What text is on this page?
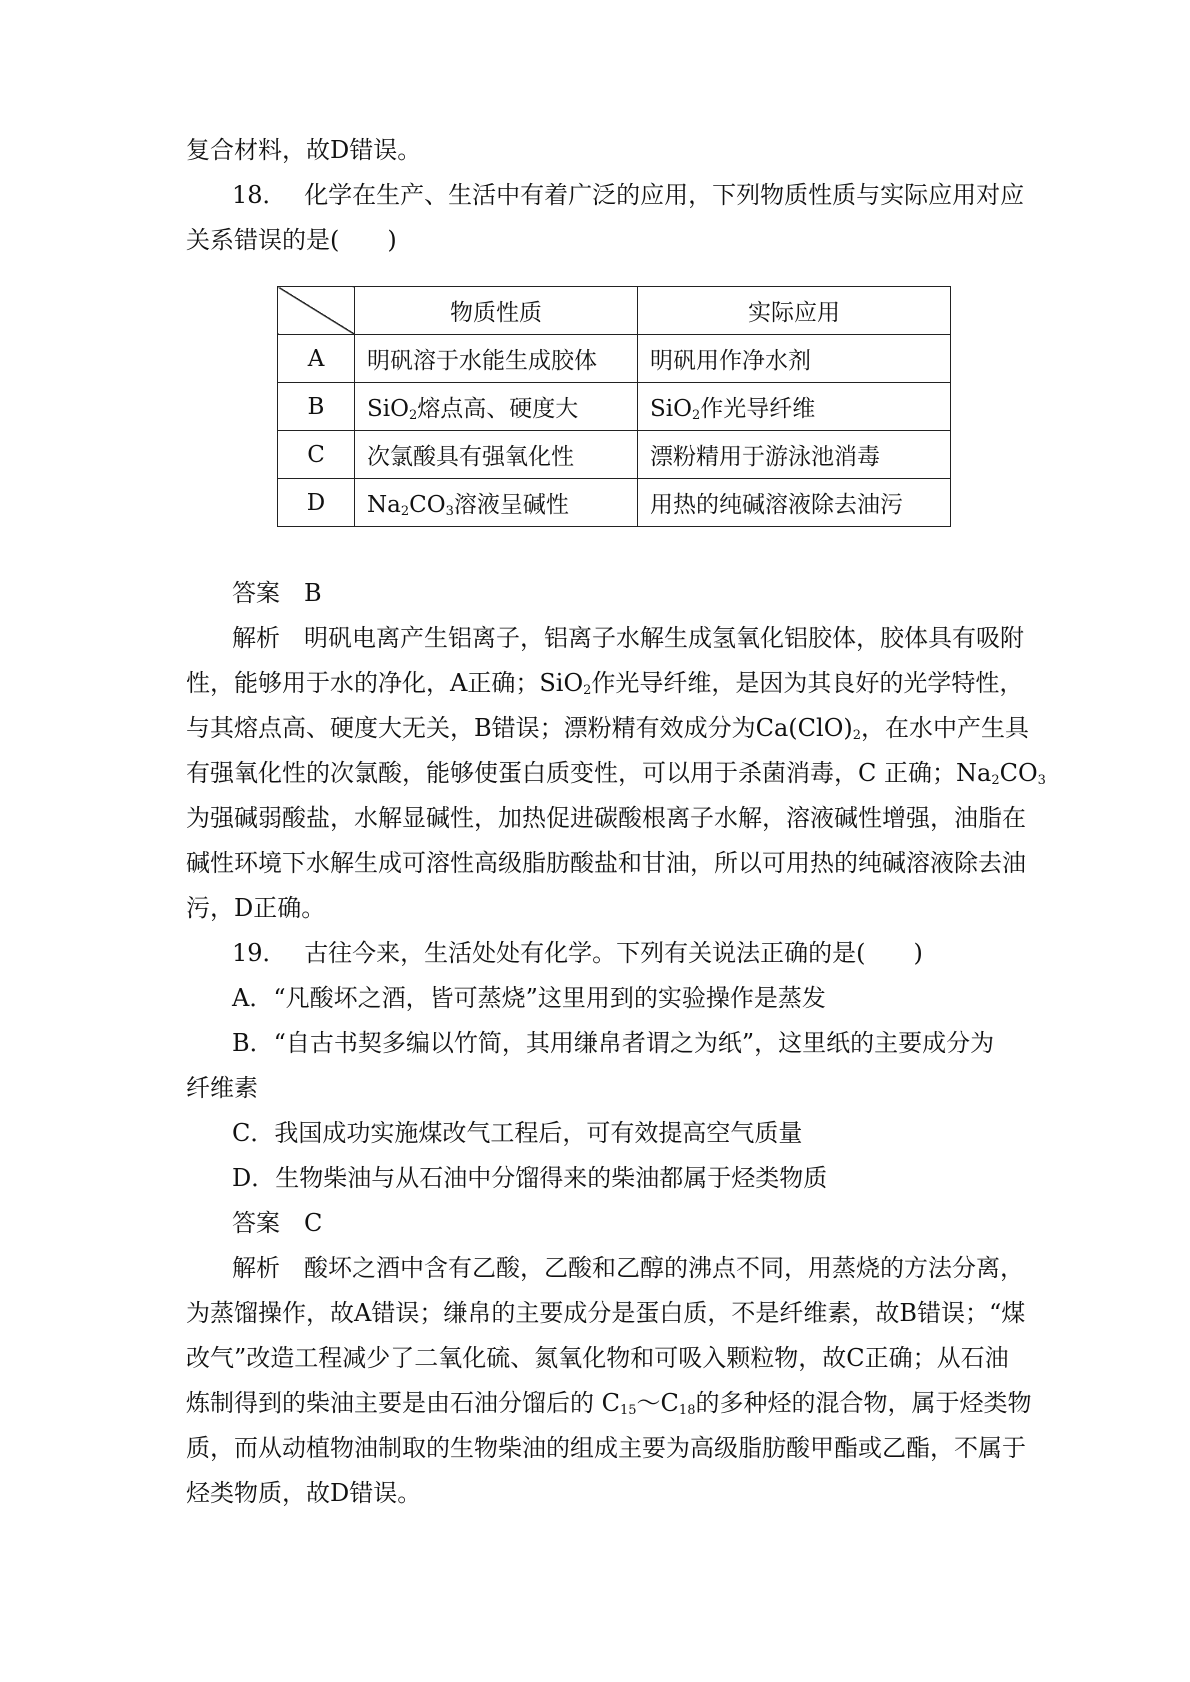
复合材料，故D错误。
18． 化学在生产、生活中有着广泛的应用，下列物质性质与实际应用对应
关系错误的是(　　)
	物质性质	实际应用
A	明矾溶于水能生成胶体	明矾用作净水剂
B	SiO$_2$熔点高、硬度大	SiO$_2$作光导纤维
C	次氯酸具有强氧化性	漂粉精用于游泳池消毒
D	$Na_2CO_3$溶液呈碱性	用热的纯碱溶液除去油污
答案 B
解析 明矾电离产生铝离子，铝离子水解生成氢氧化铝胶体，胶体具有吸附
性，能够用于水的净化，A正确；SiO$_2$作光导纤维，是因为其良好的光学特性，
与其熔点高、硬度大无关，B错误；漂粉精有效成分为$Ca(ClO)_2$，在水中产生具
有强氧化性的次氯酸，能够使蛋白质变性，可以用于杀菌消毒，C 正确；$Na_2CO_3$
为强碱弱酸盐，水解显碱性，加热促进碳酸根离子水解，溶液碱性增强，油脂在
碱性环境下水解生成可溶性高级脂肪酸盐和甘油，所以可用热的纯碱溶液除去油
污，D正确。
19． 古往今来，生活处处有化学。下列有关说法正确的是(　　)
A．“凡酸坏之酒，皆可蒸烧”这里用到的实验操作是蒸发
B．“自古书契多编以竹简，其用缣帛者谓之为纸”，这里纸的主要成分为
纤维素
C．我国成功实施煤改气工程后，可有效提高空气质量
D．生物柴油与从石油中分馏得来的柴油都属于烃类物质
答案 C
解析 酸坏之酒中含有乙酸，乙酸和乙醇的沸点不同，用蒸烧的方法分离，
为蒸馏操作，故A错误；缣帛的主要成分是蛋白质，不是纤维素，故B错误；“煤
改气”改造工程减少了二氧化硫、氮氧化物和可吸入颗粒物，故C正确；从石油
炼制得到的柴油主要是由石油分馏后的 $C_{15}\sim C_{18}$的多种烃的混合物，属于烃类物
质，而从动植物油制取的生物柴油的组成主要为高级脂肪酸甲酯或乙酯，不属于
烃类物质，故D错误。
